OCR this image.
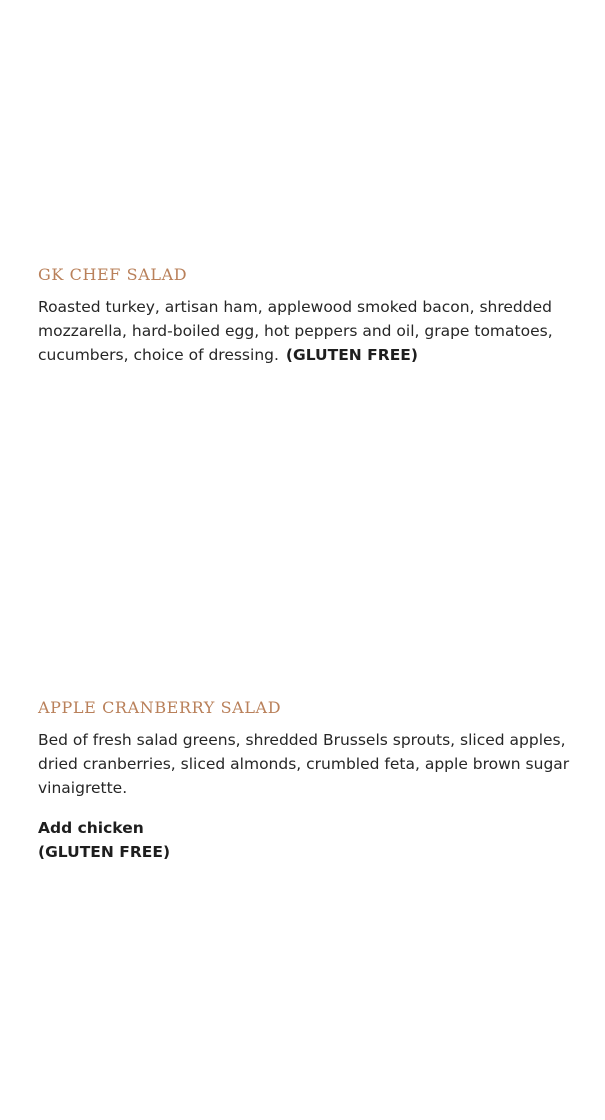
GK CHEF SALAD

Roasted turkey, artisan ham, applewood smoked bacon, shredded mozzarella, hard-boiled egg, hot peppers and oil, grape tomatoes, cucumbers, choice of dressing. (GLUTEN FREE)

APPLE CRANBERRY SALAD

Bed of fresh salad greens, shredded Brussels sprouts, sliced apples, dried cranberries, sliced almonds, crumbled feta, apple brown sugar vinaigrette.

Add chicken
(GLUTEN FREE)
